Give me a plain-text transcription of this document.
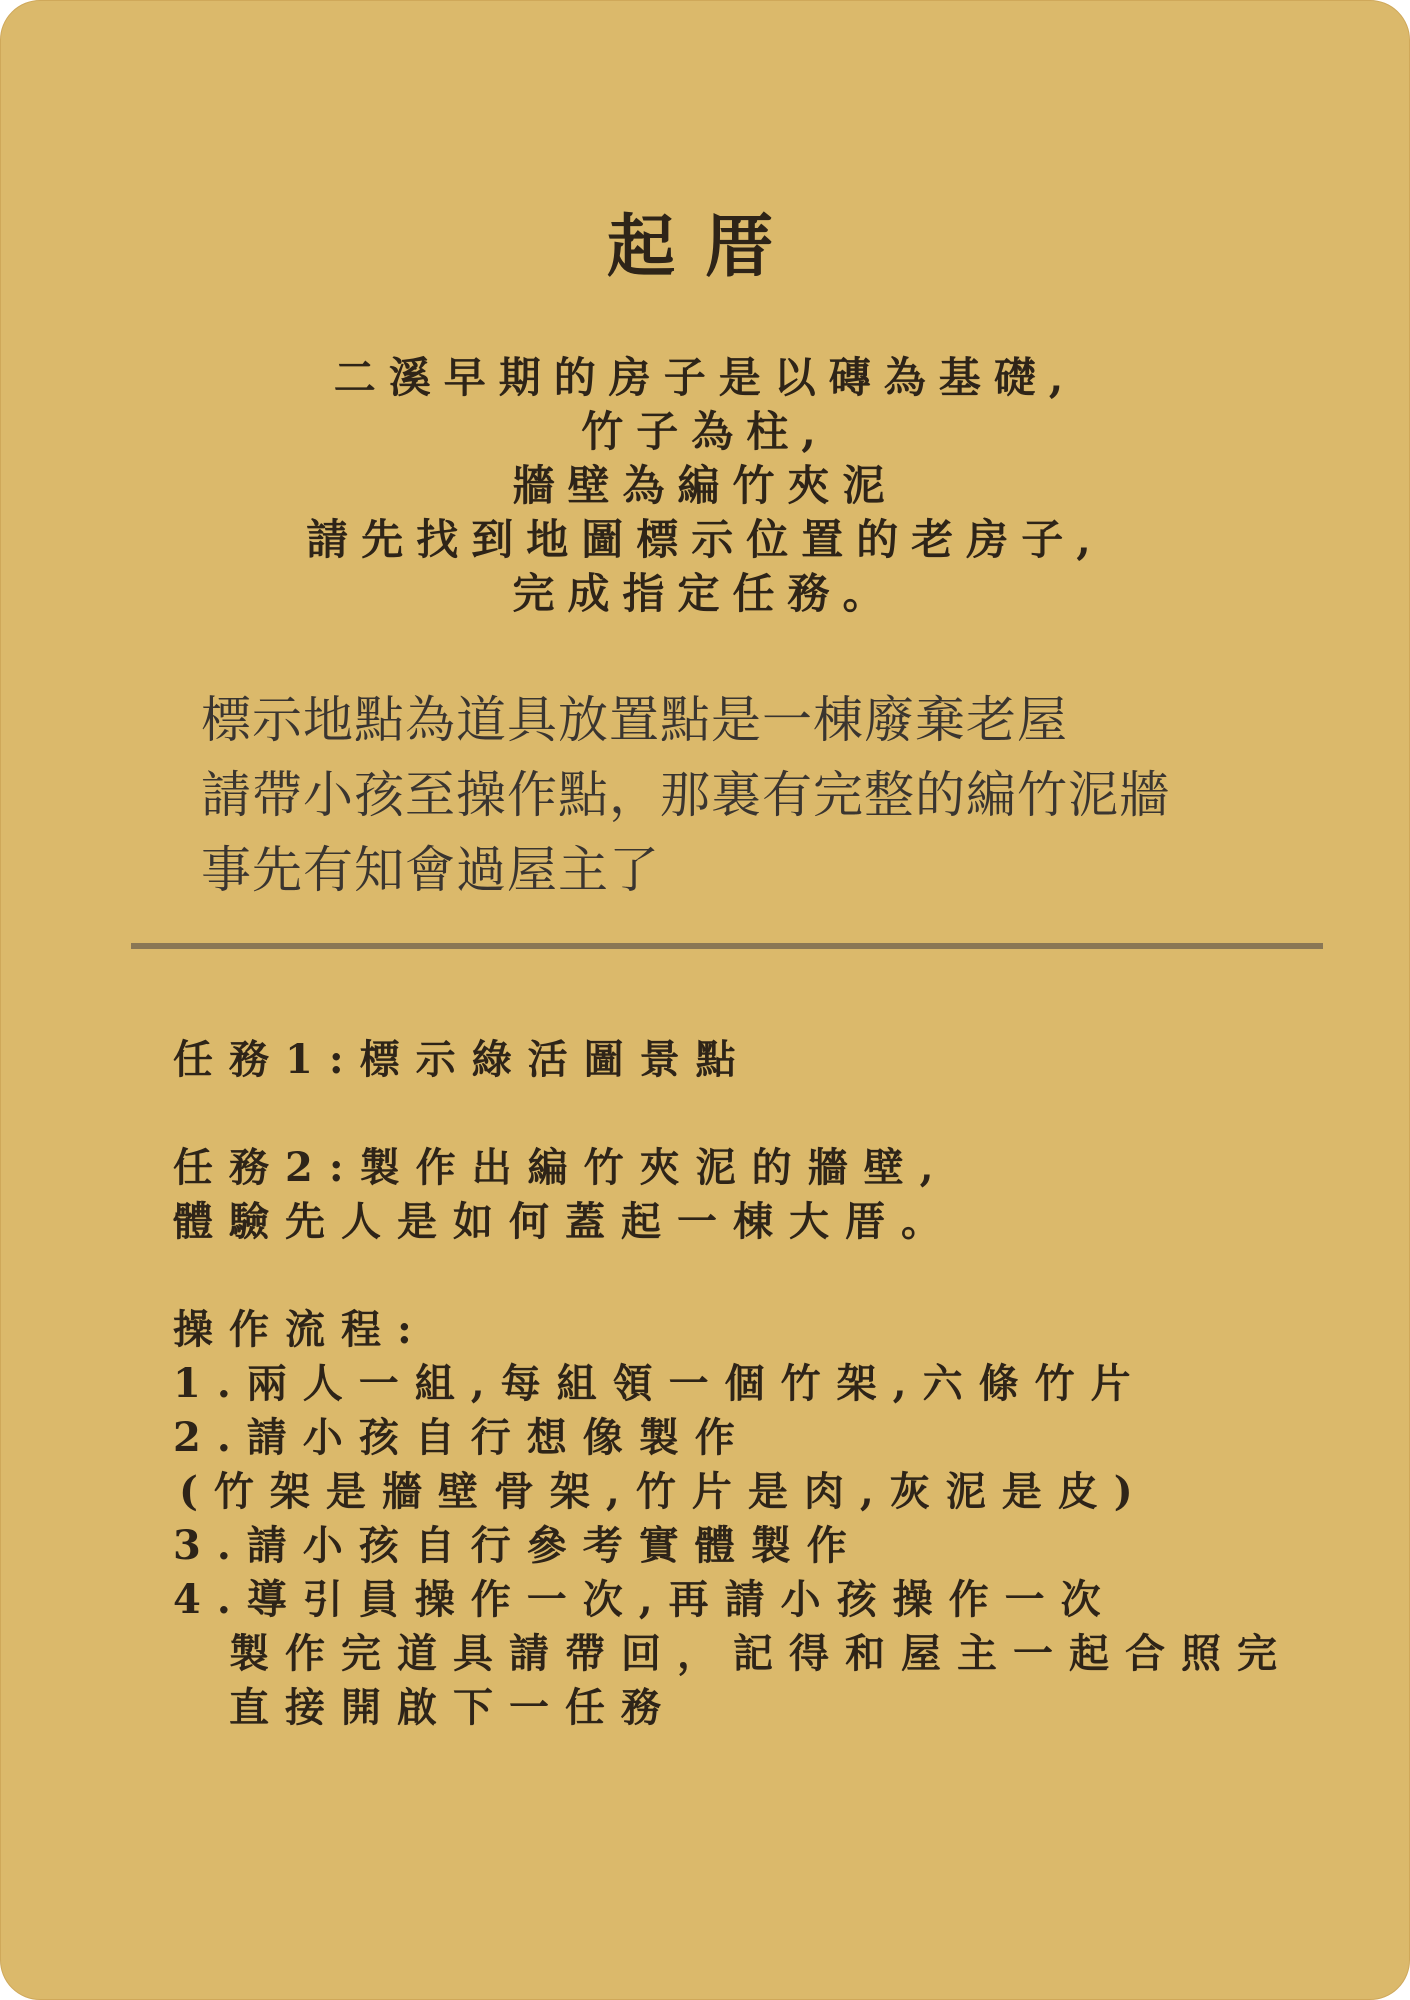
起厝
二溪早期的房子是以磚為基礎,
竹子為柱,
牆壁為編竹夾泥
請先找到地圖標示位置的老房子,
完成指定任務。
標示地點為道具放置點是一棟廢棄老屋
請帶小孩至操作點，那裏有完整的編竹泥牆
事先有知會過屋主了
任務1:標示綠活圖景點
任務2:製作出編竹夾泥的牆壁,
體驗先人是如何蓋起一棟大厝。
操作流程:
1.兩人一組,每組領一個竹架,六條竹片
2.請小孩自行想像製作
(竹架是牆壁骨架,竹片是肉,灰泥是皮)
3.請小孩自行參考實體製作
4.導引員操作一次,再請小孩操作一次
製作完道具請帶回，記得和屋主一起合照完
直接開啟下一任務
